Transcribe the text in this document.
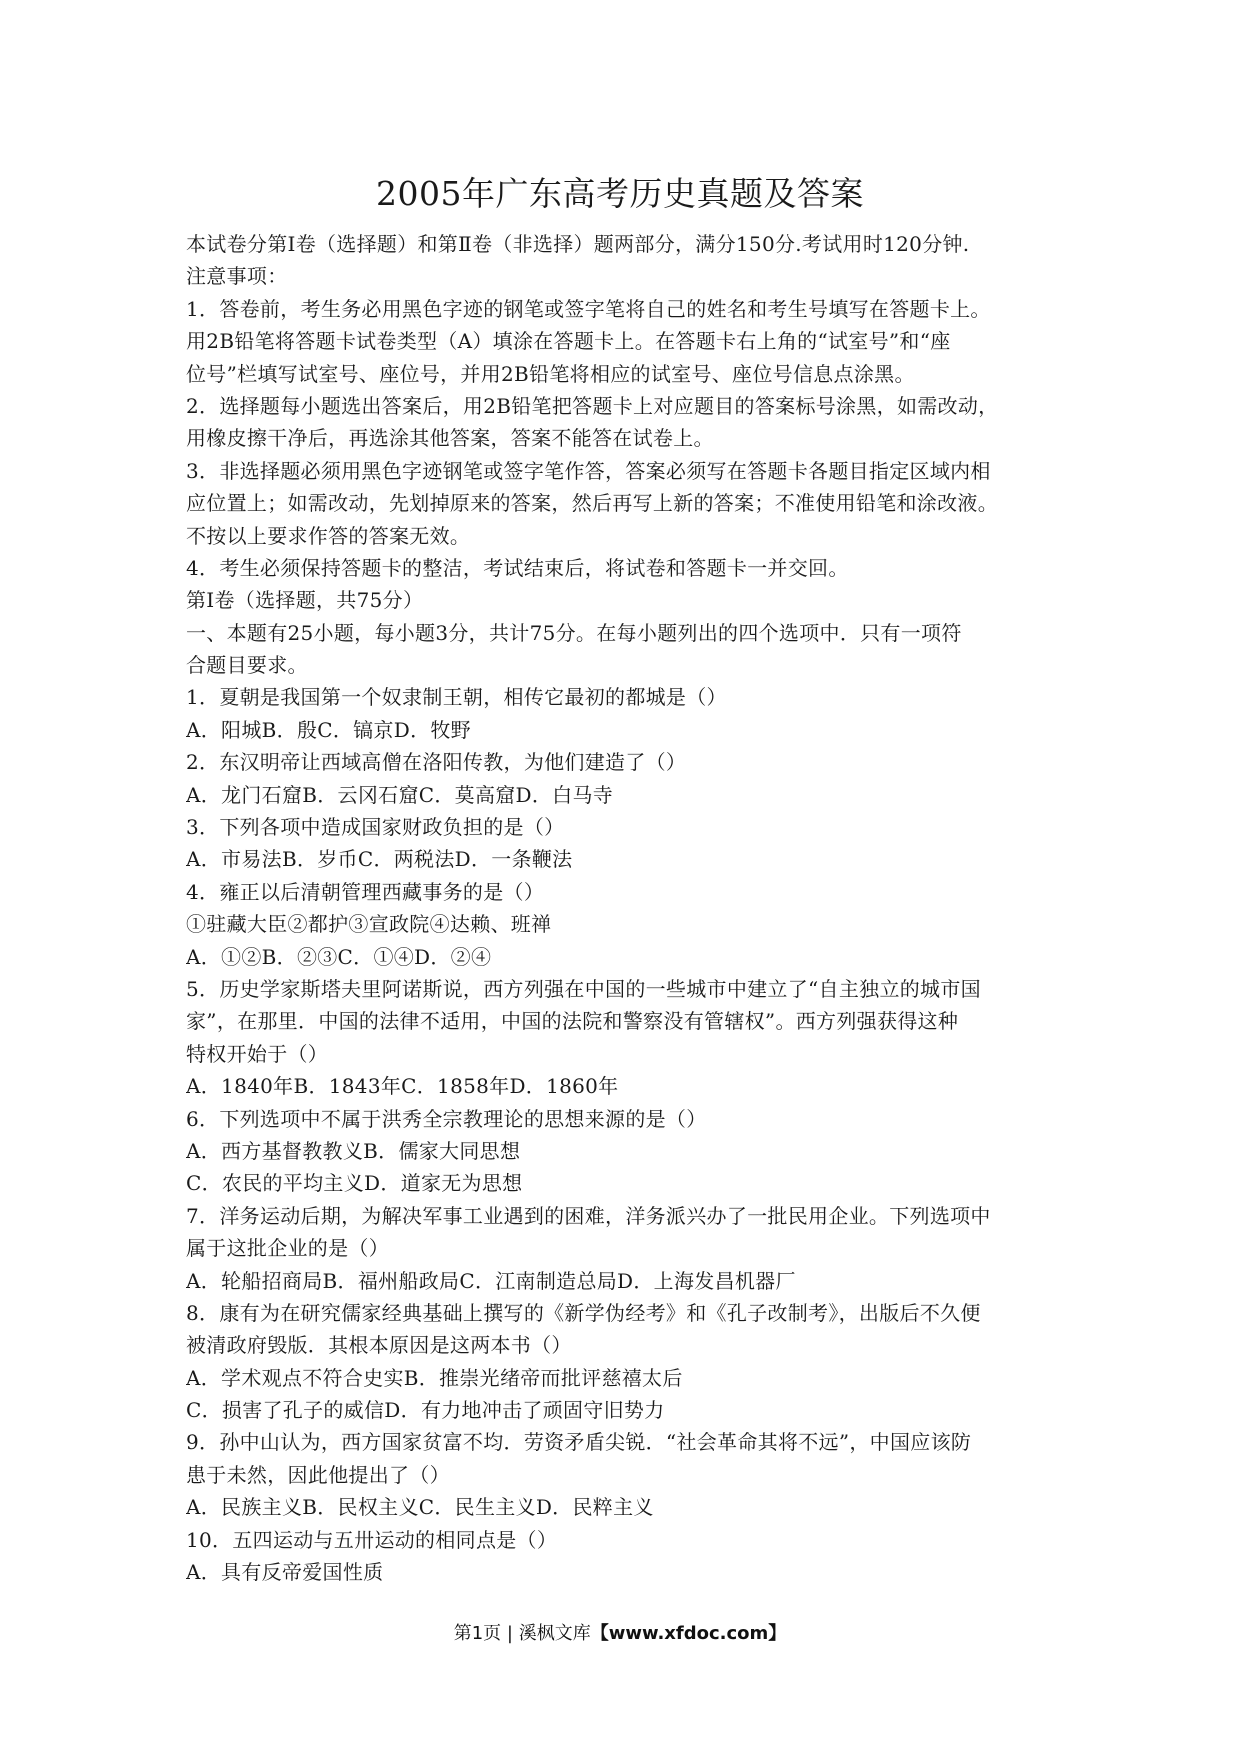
2005年广东高考历史真题及答案
本试卷分第Ⅰ卷（选择题）和第Ⅱ卷（非选择）题两部分，满分150分.考试用时120分钟.
注意事项：
1．答卷前，考生务必用黑色字迹的钢笔或签字笔将自己的姓名和考生号填写在答题卡上。
用2B铅笔将答题卡试卷类型（A）填涂在答题卡上。在答题卡右上角的“试室号”和“座
位号”栏填写试室号、座位号，并用2B铅笔将相应的试室号、座位号信息点涂黑。
2．选择题每小题选出答案后，用2B铅笔把答题卡上对应题目的答案标号涂黑，如需改动，
用橡皮擦干净后，再选涂其他答案，答案不能答在试卷上。
3．非选择题必须用黑色字迹钢笔或签字笔作答，答案必须写在答题卡各题目指定区域内相
应位置上；如需改动，先划掉原来的答案，然后再写上新的答案；不准使用铅笔和涂改液。
不按以上要求作答的答案无效。
4．考生必须保持答题卡的整洁，考试结束后，将试卷和答题卡一并交回。
第Ⅰ卷（选择题，共75分）
一、本题有25小题，每小题3分，共计75分。在每小题列出的四个选项中．只有一项符
合题目要求。
1．夏朝是我国第一个奴隶制王朝，相传它最初的都城是（）
A．阳城B．殷C．镐京D．牧野
2．东汉明帝让西域高僧在洛阳传教，为他们建造了（）
A．龙门石窟B．云冈石窟C．莫高窟D．白马寺
3．下列各项中造成国家财政负担的是（）
A．市易法B．岁币C．两税法D．一条鞭法
4．雍正以后清朝管理西藏事务的是（）
①驻藏大臣②都护③宣政院④达赖、班禅
A．①②B．②③C．①④D．②④
5．历史学家斯塔夫里阿诺斯说，西方列强在中国的一些城市中建立了“自主独立的城市国
家”，在那里．中国的法律不适用，中国的法院和警察没有管辖权”。西方列强获得这种
特权开始于（）
A．1840年B．1843年C．1858年D．1860年
6．下列选项中不属于洪秀全宗教理论的思想来源的是（）
A．西方基督教教义B．儒家大同思想
C．农民的平均主义D．道家无为思想
7．洋务运动后期，为解决军事工业遇到的困难，洋务派兴办了一批民用企业。下列选项中
属于这批企业的是（）
A．轮船招商局B．福州船政局C．江南制造总局D．上海发昌机器厂
8．康有为在研究儒家经典基础上撰写的《新学伪经考》和《孔子改制考》，出版后不久便
被清政府毁版．其根本原因是这两本书（）
A．学术观点不符合史实B．推崇光绪帝而批评慈禧太后
C．损害了孔子的威信D．有力地冲击了顽固守旧势力
9．孙中山认为，西方国家贫富不均．劳资矛盾尖锐．“社会革命其将不远”，中国应该防
患于未然，因此他提出了（）
A．民族主义B．民权主义C．民生主义D．民粹主义
10．五四运动与五卅运动的相同点是（）
A．具有反帝爱国性质
第1页 | 溪枫文库【www.xfdoc.com】
